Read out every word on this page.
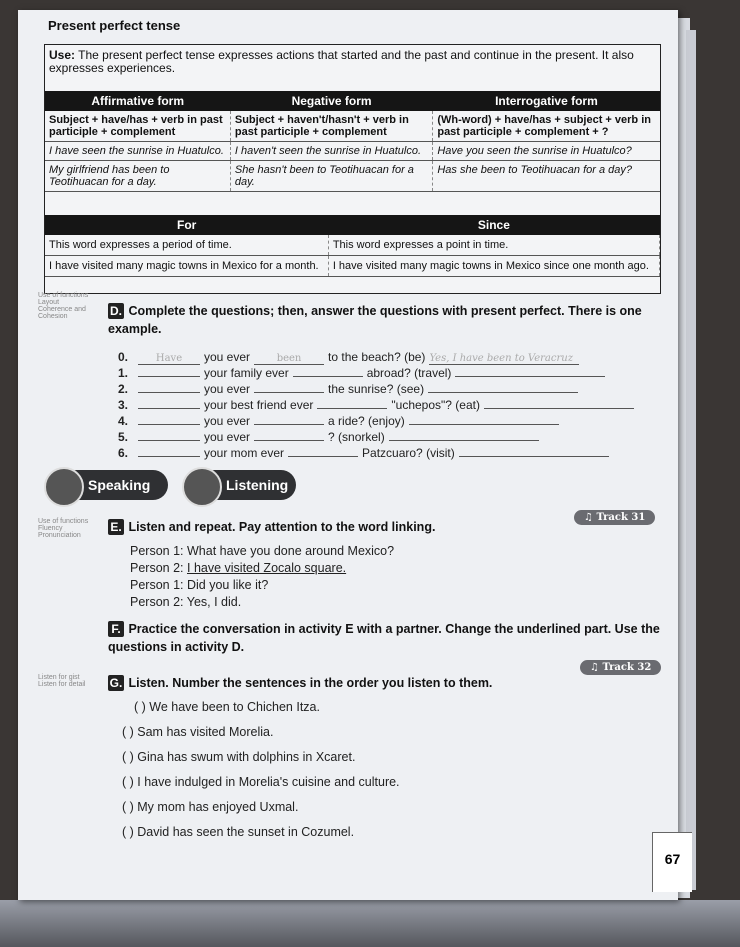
Present perfect tense
Use: The present perfect tense expresses actions that started and the past and continue in the present. It also expresses experiences.
Affirmative form	Negative form	Interrogative form
Subject + have/has + verb in past participle + complement	Subject + haven't/hasn't + verb in past participle + complement	(Wh-word) + have/has + subject + verb in past participle + complement + ?
I have seen the sunrise in Huatulco.	I haven't seen the sunrise in Huatulco.	Have you seen the sunrise in Huatulco?
My girlfriend has been to Teotihuacan for a day.	She hasn't been to Teotihuacan for a day.	Has she been to Teotihuacan for a day?
For	Since
This word expresses a period of time.	This word expresses a point in time.
I have visited many magic towns in Mexico for a month.	I have visited many magic towns in Mexico since one month ago.
Use of functions Layout Coherence and Cohesion	D. Complete the questions; then, answer the questions with present perfect. There is one example.
0.	Have you ever	been to the beach? (be) Yes, I have been to Veracruz
1.	your family ever	abroad? (travel)
2.	you ever	the sunrise? (see)
3.	your best friend ever	"uchepos"? (eat)
4.	you ever	a ride? (enjoy)
5.	you ever	? (snorkel)
6.	your mom ever	Patzcuaro? (visit)
Speaking	Listening
Use of functions Fluency Pronunciation
E. Listen and repeat. Pay attention to the word linking.
♫ Track 31
Person 1: What have you done around Mexico?
Person 2: I have visited Zocalo square.
Person 1: Did you like it?
Person 2: Yes, I did.
F. Practice the conversation in activity E with a partner. Change the underlined part. Use the questions in activity D.
Listen for gist Listen for detail	G. Listen. Number the sentences in the order you listen to them.
♫ Track 32
( ) We have been to Chichen Itza.
( ) Sam has visited Morelia.
( ) Gina has swum with dolphins in Xcaret.
( ) I have indulged in Morelia's cuisine and culture.
( ) My mom has enjoyed Uxmal.
( ) David has seen the sunset in Cozumel.
67
